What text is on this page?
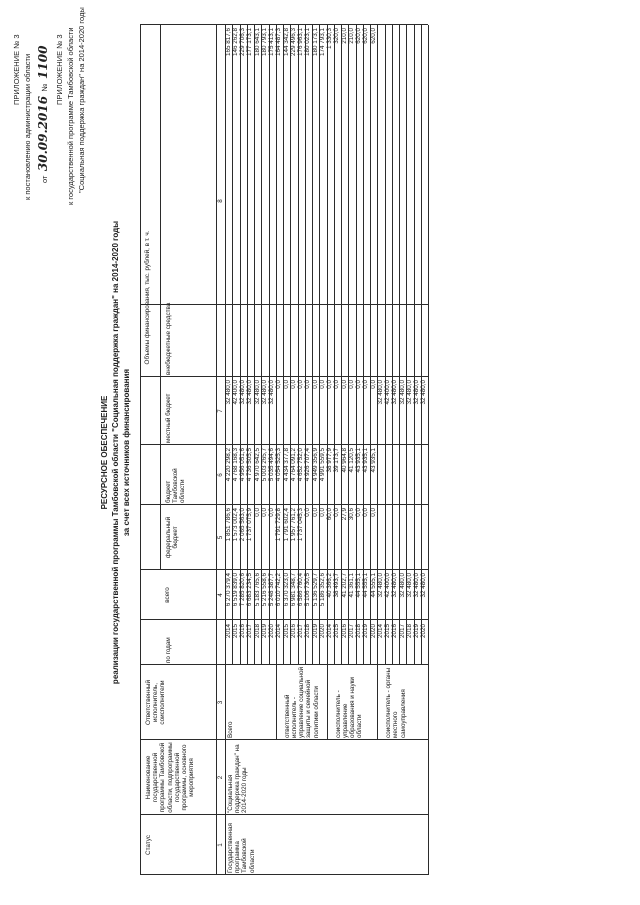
ПРИЛОЖЕНИЕ № 3 к постановлению администрации области	от 30.09.2016 № 1100 ПРИЛОЖЕНИЕ № 3 к государственной программе Тамбовской области "Социальная поддержка граждан" на 2014-2020 годы
РЕСУРСНОЕ ОБЕСПЕЧЕНИЕ реализации государственной программы Тамбовской области "Социальная поддержка граждан" на 2014-2020 годы за счет всех источников финансирования
Статус
Наименование государственной программы Тамбовской области, подпрограммы государственной программы, основного мероприятия
Ответственный исполнитель, соисполнители
по годам
Объемы финансирования, тыс. рублей, в т. ч.
всего
федеральный бюджет
бюджет Тамбовской области
местный бюджет
внебюджетные средства
1
2
3
4
5
6
7
8
Государственная программа Тамбовской области
"Социальная поддержка граждан" на 2014-2020 годы
Всего
2014
6 270 379,4
1 851 786,6
4 220 298,2
32 480,0
165 817,6
2015
6 519 839,0
1 573 002,4
4 768 168,3
42 400,0
146 262,8
2016
7 285 820,6
2 065 563,0
4 956 051,6
32 480,0
229 706,3
2017
6 683 234,5
1 737 075,9
4 736 505,5
32 480,0
177 173,1
2018
5 183 765,6
0,0
4 970 642,5
32 480,0
180 643,1
2019
5 216 558,6
0,0
5 003 265,7
32 480,0
180 793,1
2020
5 248 387,7
0,0
5 035 494,6
32 480,0
175 413,1
ответственный исполнитель - управление социальной защиты и семейной политики области
2014
6 010 742,2
1 791 729,8
4 054 525,3
0,0
164 487,3
2015
6 370 323,0
1 791 602,4
4 434 377,8
0,0
144 342,8
2016
6 981 348,7
1 957 761,2
4 764 091,2
0,0
229 496,3
2017
6 586 760,4
1 737 045,3
4 652 752,0
0,0
176 963,1
2018
5 106 730,5
0,0
4 926 707,4
0,0
180 023,1
2019
5 136 529,7
0,0
4 949 356,9
0,0
180 173,1
2020
5 186 352,6
0,0
4 991 559,5
0,0
174 793,1
соисполнитель - управление образования и науки области
2014
40 366,2
60,0
38 977,9
0,0
1 330,3
2015
38 493,7
0,0
39 173,7
0,0
320,0
2016
41 202,7
27,9
40 964,8
0,0
210,0
2017
41 361,1
30,6
41 120,5
0,0
210,0
2018
44 555,1
0,0
43 935,1
0,0
620,0
2019
44 555,1
0,0
43 935,1
0,0
620,0
2020
44 555,1
0,0
43 935,1
0,0
620,0
соисполнитель - органы местного самоуправления
2014
32 480,0
32 480,0
2015
42 400,0
42 400,0
2016
32 480,0
32 480,0
2017
32 480,0
32 480,0
2018
32 480,0
32 480,0
2019
32 480,0
32 480,0
2020
32 480,0
32 480,0
